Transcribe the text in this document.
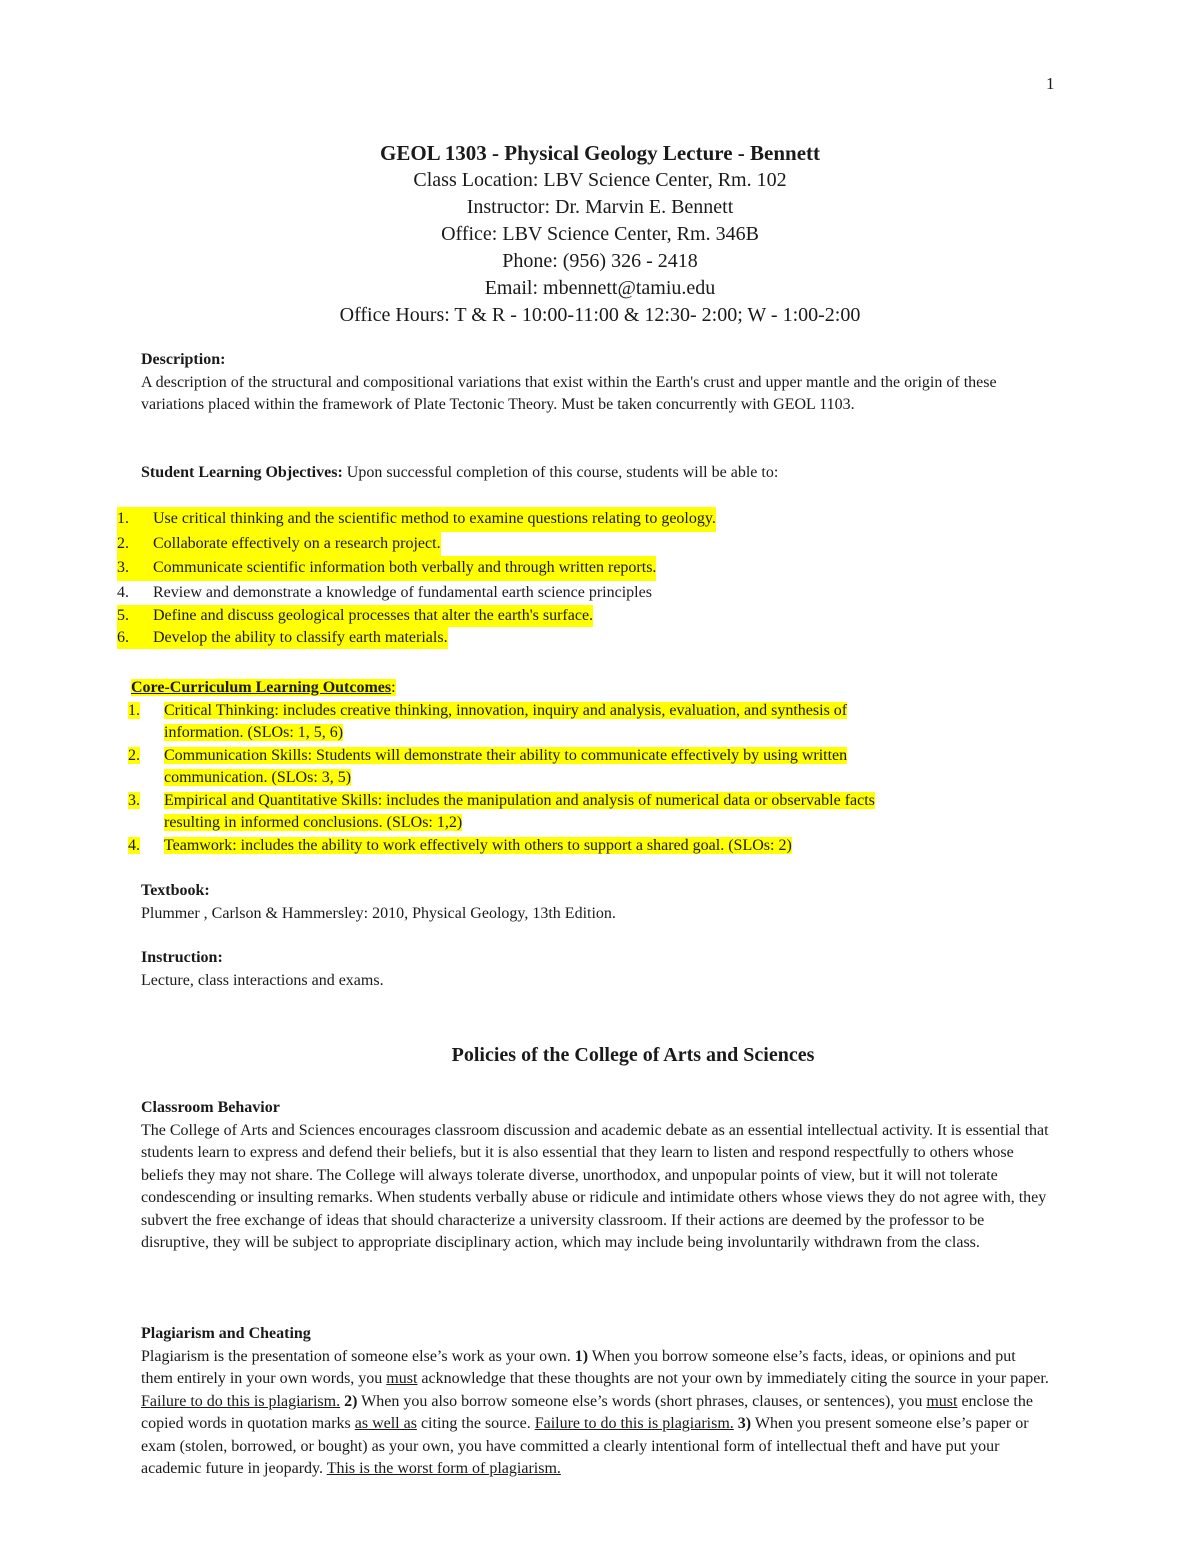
1
GEOL 1303 - Physical Geology Lecture - Bennett
Class Location: LBV Science Center, Rm. 102
Instructor: Dr. Marvin E. Bennett
Office: LBV Science Center, Rm. 346B
Phone: (956) 326 - 2418
Email: mbennett@tamiu.edu
Office Hours: T & R - 10:00-11:00 & 12:30- 2:00; W - 1:00-2:00
Description:

A description of the structural and compositional variations that exist within the Earth's crust and upper mantle and the origin of these variations placed within the framework of Plate Tectonic Theory. Must be taken concurrently with GEOL 1103.

Student Learning Objectives: Upon successful completion of this course, students will be able to:
1. Use critical thinking and the scientific method to examine questions relating to geology.
2. Collaborate effectively on a research project.
3. Communicate scientific information both verbally and through written reports.
4. Review and demonstrate a knowledge of fundamental earth science principles
5. Define and discuss geological processes that alter the earth's surface.
6. Develop the ability to classify earth materials.
Core-Curriculum Learning Outcomes:
1.	Critical Thinking: includes creative thinking, innovation, inquiry and analysis, evaluation, and synthesis of
information. (SLOs: 1, 5, 6)
2.	Communication Skills: Students will demonstrate their ability to communicate effectively by using written
communication. (SLOs: 3, 5)
3.	Empirical and Quantitative Skills: includes the manipulation and analysis of numerical data or observable facts
resulting in informed conclusions. (SLOs: 1,2)
4.	Teamwork: includes the ability to work effectively with others to support a shared goal. (SLOs: 2)
Textbook:

Plummer , Carlson & Hammersley: 2010, Physical Geology, 13th Edition.

Instruction:

Lecture, class interactions and exams.

Policies of the College of Arts and Sciences
Classroom Behavior

The College of Arts and Sciences encourages classroom discussion and academic debate as an essential intellectual activity. It is essential that students learn to express and defend their beliefs, but it is also essential that they learn to listen and respond respectfully to others whose beliefs they may not share. The College will always tolerate diverse, unorthodox, and unpopular points of view, but it will not tolerate condescending or insulting remarks. When students verbally abuse or ridicule and intimidate others whose views they do not agree with, they subvert the free exchange of ideas that should characterize a university classroom. If their actions are deemed by the professor to be disruptive, they will be subject to appropriate disciplinary action, which may include being involuntarily withdrawn from the class.

Plagiarism and Cheating

Plagiarism is the presentation of someone else’s work as your own. 1) When you borrow someone else’s facts, ideas, or opinions and put them entirely in your own words, you must acknowledge that these thoughts are not your own by immediately citing the source in your paper. Failure to do this is plagiarism. 2) When you also borrow someone else’s words (short phrases, clauses, or sentences), you must enclose the copied words in quotation marks as well as citing the source. Failure to do this is plagiarism. 3) When you present someone else’s paper or exam (stolen, borrowed, or bought) as your own, you have committed a clearly intentional form of intellectual theft and have put your academic future in jeopardy. This is the worst form of plagiarism.
